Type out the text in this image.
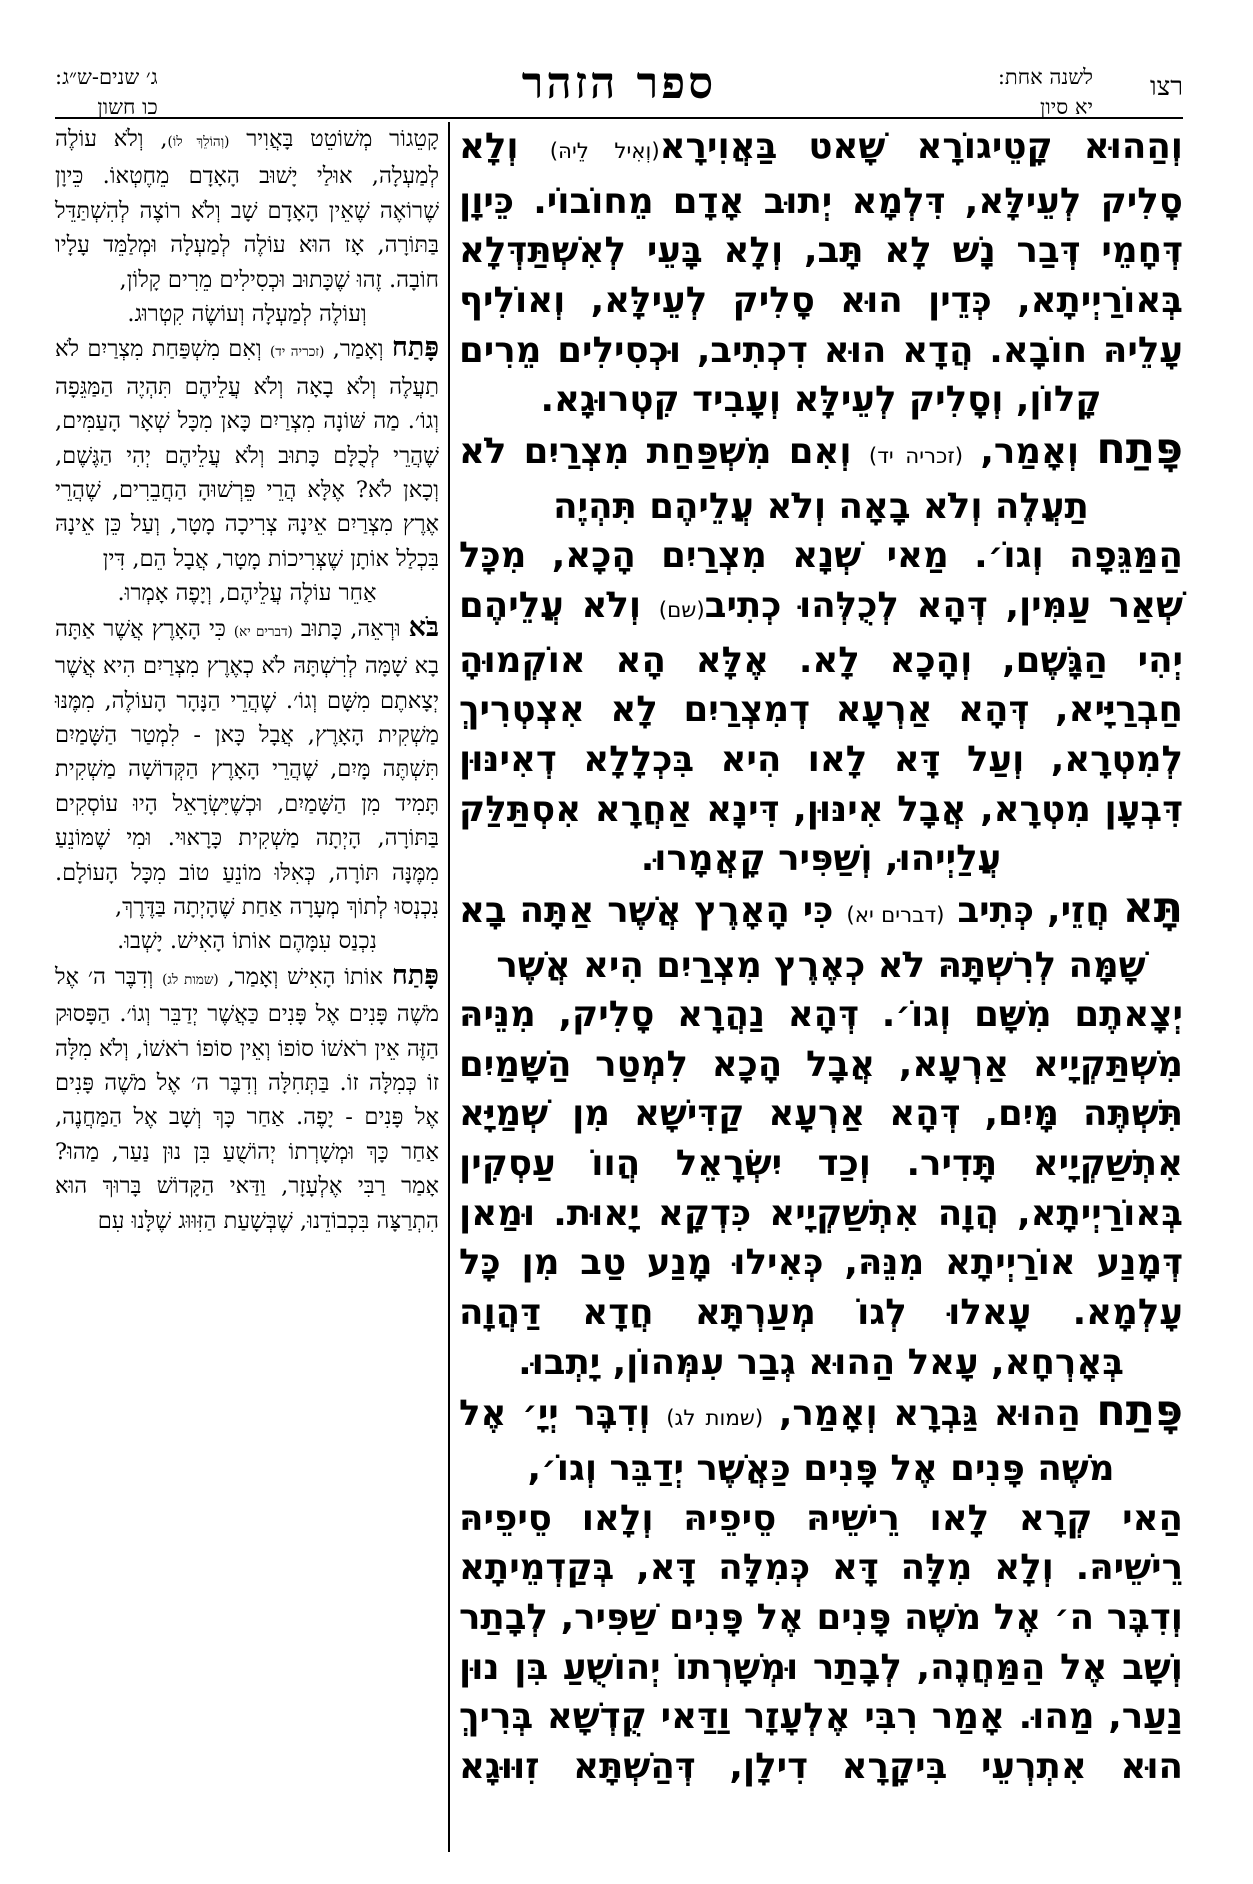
רצו
לשנה אחת:
יא סיון
ספר הזהר
ג׳ שנים-ש״ג:
כו חשון

וְהַהוּא קָטֵיגוֹרָא שָׁאט בַּאֲוִירָא(וְאִיל לֵיהּ) וְלָא סָלִיק לְעֵילָּא, דִּלְמָא יְתוּב אָדָם מֵחוֹבוֹי. כֵּיוָן דְּחָמֵי דְּבַר נָשׁ לָא תָּב, וְלָא בָּעֵי לְאִשְׁתַּדְּלָא בְּאוֹרַיְיתָא, כְּדֵין הוּא סָלִיק לְעֵילָּא, וְאוֹלִיף עָלֵיהּ חוֹבָא. הֲדָא הוּא דִכְתִיב, וּכְסִילִים מֵרִים

קָלוֹן, וְסָלִיק לְעֵילָּא וְעָבִיד קִטְרוּגָא.

פָּתַח וְאָמַר, (זכריה יד) וְאִם מִשְׁפַּחַת מִצְרַיִם לֹא

תַעֲלֶה וְלֹא בָאָה וְלֹא עֲלֵיהֶם תִּהְיֶה

הַמַּגֵּפָה וְגוֹ׳. מַאי שְׁנָא מִצְרַיִם הָכָא, מִכָּל שְׁאַר עַמִּין, דְּהָא לְכֻלְּהוּ כְתִיב(שם) וְלֹא עֲלֵיהֶם יְהִי הַגָּשֶׁם, וְהָכָא לָא. אֶלָּא הָא אוֹקְמוּהָ חַבְרַיָּיא, דְּהָא אַרְעָא דְמִצְרַיִם לָא אִצְטְרִיךְ לְמִטְרָא, וְעַל דָּא לָאו הִיא בִּכְלָלָא דְאִינּוּן דִּבְעָן מִטְרָא, אֲבָל אִינּוּן, דִּינָא אַחֲרָא אִסְתַּלַּק

עֲלַיְיהוּ, וְשַׁפִּיר קָאֲמָרוּ.

תָּא חֲזֵי, כְּתִיב (דברים יא) כִּי הָאָרֶץ אֲשֶׁר אַתָּה בָא

שָׁמָּה לְרִשְׁתָּהּ לֹא כְאֶרֶץ מִצְרַיִם הִיא אֲשֶׁר

יְצָאתֶם מִשָּׁם וְגוֹ׳. דְּהָא נַהֲרָא סָלִיק, מִנֵּיהּ מִשְׁתַּקְיָיא אַרְעָא, אֲבָל הָכָא לִמְטַר הַשָּׁמַיִם תִּשְׁתֶּה מָּיִם, דְּהָא אַרְעָא קַדִּישָׁא מִן שְׁמַיָּא אִתְשַׁקְיָיא תָּדִיר. וְכַד יִשְׂרָאֵל הֲווֹ עַסְקִין בְּאוֹרַיְיתָא, הֲוָה אִתְשַׁקְיָיא כִּדְקָא יָאוּת. וּמַאן דְּמָנַע אוֹרַיְיתָא מִנֵּהּ, כְּאִילוּ מָנַע טַב מִן כָּל עָלְמָא. עָאלוּ לְגוֹ מְעַרְתָּא חֲדָא דַּהֲוָה

בְּאָרְחָא, עָאל הַהוּא גְבַר עִמְּהוֹן, יָתְבוּ.

פָּתַח הַהוּא גַּבְרָא וְאָמַר, (שמות לג) וְדִבֶּר יְיָ׳ אֶל

מֹשֶׁה פָּנִים אֶל פָּנִים כַּאֲשֶׁר יְדַבֵּר וְגוֹ׳,

הַאי קְרָא לָאו רֵישֵׁיהּ סֵיפֵיהּ וְלָאו סֵיפֵיהּ רֵישֵׁיהּ. וְלָא מִלָּה דָּא כְּמִלָּה דָּא, בְּקַדְמֵיתָא וְדִבֶּר ה׳ אֶל מֹשֶׁה פָּנִים אֶל פָּנִים שַׁפִּיר, לְבָתַר וְשָׁב אֶל הַמַּחֲנֶה, לְבָתַר וּמְשָׁרְתוֹ יְהוֹשֻׁעַ בִּן נוּן נַעַר, מַהוּ. אָמַר רִבִּי אֶלְעָזָר וַדַּאי קֻדְשָׁא בְּרִיךְ הוּא אִתְרְעֵי בִּיקָרָא דִילָן, דְּהַשְׁתָּא זִוּוּגָא

קָטֵגוֹר מְשׁוֹטֵט בָּאֲוִיר (וְהוֹלֵךְ לוֹ), וְלֹא עוֹלֶה לְמַעְלָה, אוּלַי יָשׁוּב הָאָדָם מֵחֶטְאוֹ. כֵּיוָן שֶׁרוֹאֶה שֶׁאֵין הָאָדָם שָׁב וְלֹא רוֹצֶה לְהִשְׁתַּדֵּל בַּתּוֹרָה, אָז הוּא עוֹלֶה לְמַעְלָה וּמְלַמֵּד עָלָיו חוֹבָה. זֶהוּ שֶׁכָּתוּב וּכְסִילִים מֵרִים קָלוֹן,

וְעוֹלֶה לְמַעְלָה וְעוֹשֶׂה קִטְרוּג.

פָּתַח וְאָמַר, (זכריה יד) וְאִם מִשְׁפַּחַת מִצְרַיִם לֹא תַעֲלֶה וְלֹא בָאָה וְלֹא עֲלֵיהֶם תִּהְיֶה הַמַּגֵּפָה וְגוֹ׳. מַה שּׁוֹנָה מִצְרַיִם כָּאן מִכָּל שְׁאָר הָעַמִּים, שֶׁהֲרֵי לְכֻלָּם כָּתוּב וְלֹא עֲלֵיהֶם יְהִי הַגֶּשֶׁם, וְכָאן לֹא? אֶלָּא הֲרֵי פֵּרְשׁוּהָ הַחֲבֵרִים, שֶׁהֲרֵי אֶרֶץ מִצְרַיִם אֵינָהּ צְרִיכָה מָטָר, וְעַל כֵּן אֵינָהּ בִּכְלַל אוֹתָן שֶׁצְּרִיכוֹת מָטָר, אֲבָל הֵם, דִּין

אַחֵר עוֹלֶה עֲלֵיהֶם, וְיָפֶה אָמְרוּ.

בֹּא וּרְאֵה, כָּתוּב (דברים יא) כִּי הָאָרֶץ אֲשֶׁר אַתָּה בָא שָׁמָּה לְרִשְׁתָּהּ לֹא כְאֶרֶץ מִצְרַיִם הִיא אֲשֶׁר יְצָאתֶם מִשָּׁם וְגוֹ׳. שֶׁהֲרֵי הַנָּהָר הָעוֹלֶה, מִמֶּנּוּ מַשְׁקִית הָאָרֶץ, אֲבָל כָּאן - לִמְטַר הַשָּׁמַיִם תִּשְׁתֶּה מָּיִם, שֶׁהֲרֵי הָאָרֶץ הַקְּדוֹשָׁה מַשְׁקִית תָּמִיד מִן הַשָּׁמַיִם, וּכְשֶׁיִּשְׂרָאֵל הָיוּ עוֹסְקִים בַּתּוֹרָה, הָיְתָה מַשְׁקִית כָּרָאוּי. וּמִי שֶׁמּוֹנֵעַ מִמֶּנָּה תּוֹרָה, כְּאִלּוּ מוֹנֵעַ טוֹב מִכָּל הָעוֹלָם. נִכְנְסוּ לְתוֹךְ מְעָרָה אַחַת שֶׁהָיְתָה בַּדֶּרֶךְ,

נִכְנַס עִמָּהֶם אוֹתוֹ הָאִישׁ. יָשְׁבוּ.

פָּתַח אוֹתוֹ הָאִישׁ וְאָמַר, (שמות לג) וְדִבֶּר ה׳ אֶל מֹשֶׁה פָּנִים אֶל פָּנִים כַּאֲשֶׁר יְדַבֵּר וְגוֹ׳. הַפָּסוּק הַזֶּה אֵין רֹאשׁוֹ סוֹפוֹ וְאֵין סוֹפוֹ רֹאשׁוֹ, וְלֹא מִלָּה זוֹ כְּמִלָּה זוֹ. בַּתְּחִלָּה וְדִבֶּר ה׳ אֶל מֹשֶׁה פָּנִים אֶל פָּנִים - יָפֶה. אַחַר כָּךְ וְשָׁב אֶל הַמַּחֲנֶה, אַחַר כָּךְ וּמְשָׁרְתוֹ יְהוֹשֻׁעַ בִּן נוּן נַעַר, מַהוּ? אָמַר רַבִּי אֶלְעָזָר, וַדַּאי הַקָּדוֹשׁ בָּרוּךְ הוּא הִתְרַצָּה בִּכְבוֹדֵנוּ, שֶׁבְּשָׁעַת הַזִּוּוּג שֶׁלָּנוּ עִם
